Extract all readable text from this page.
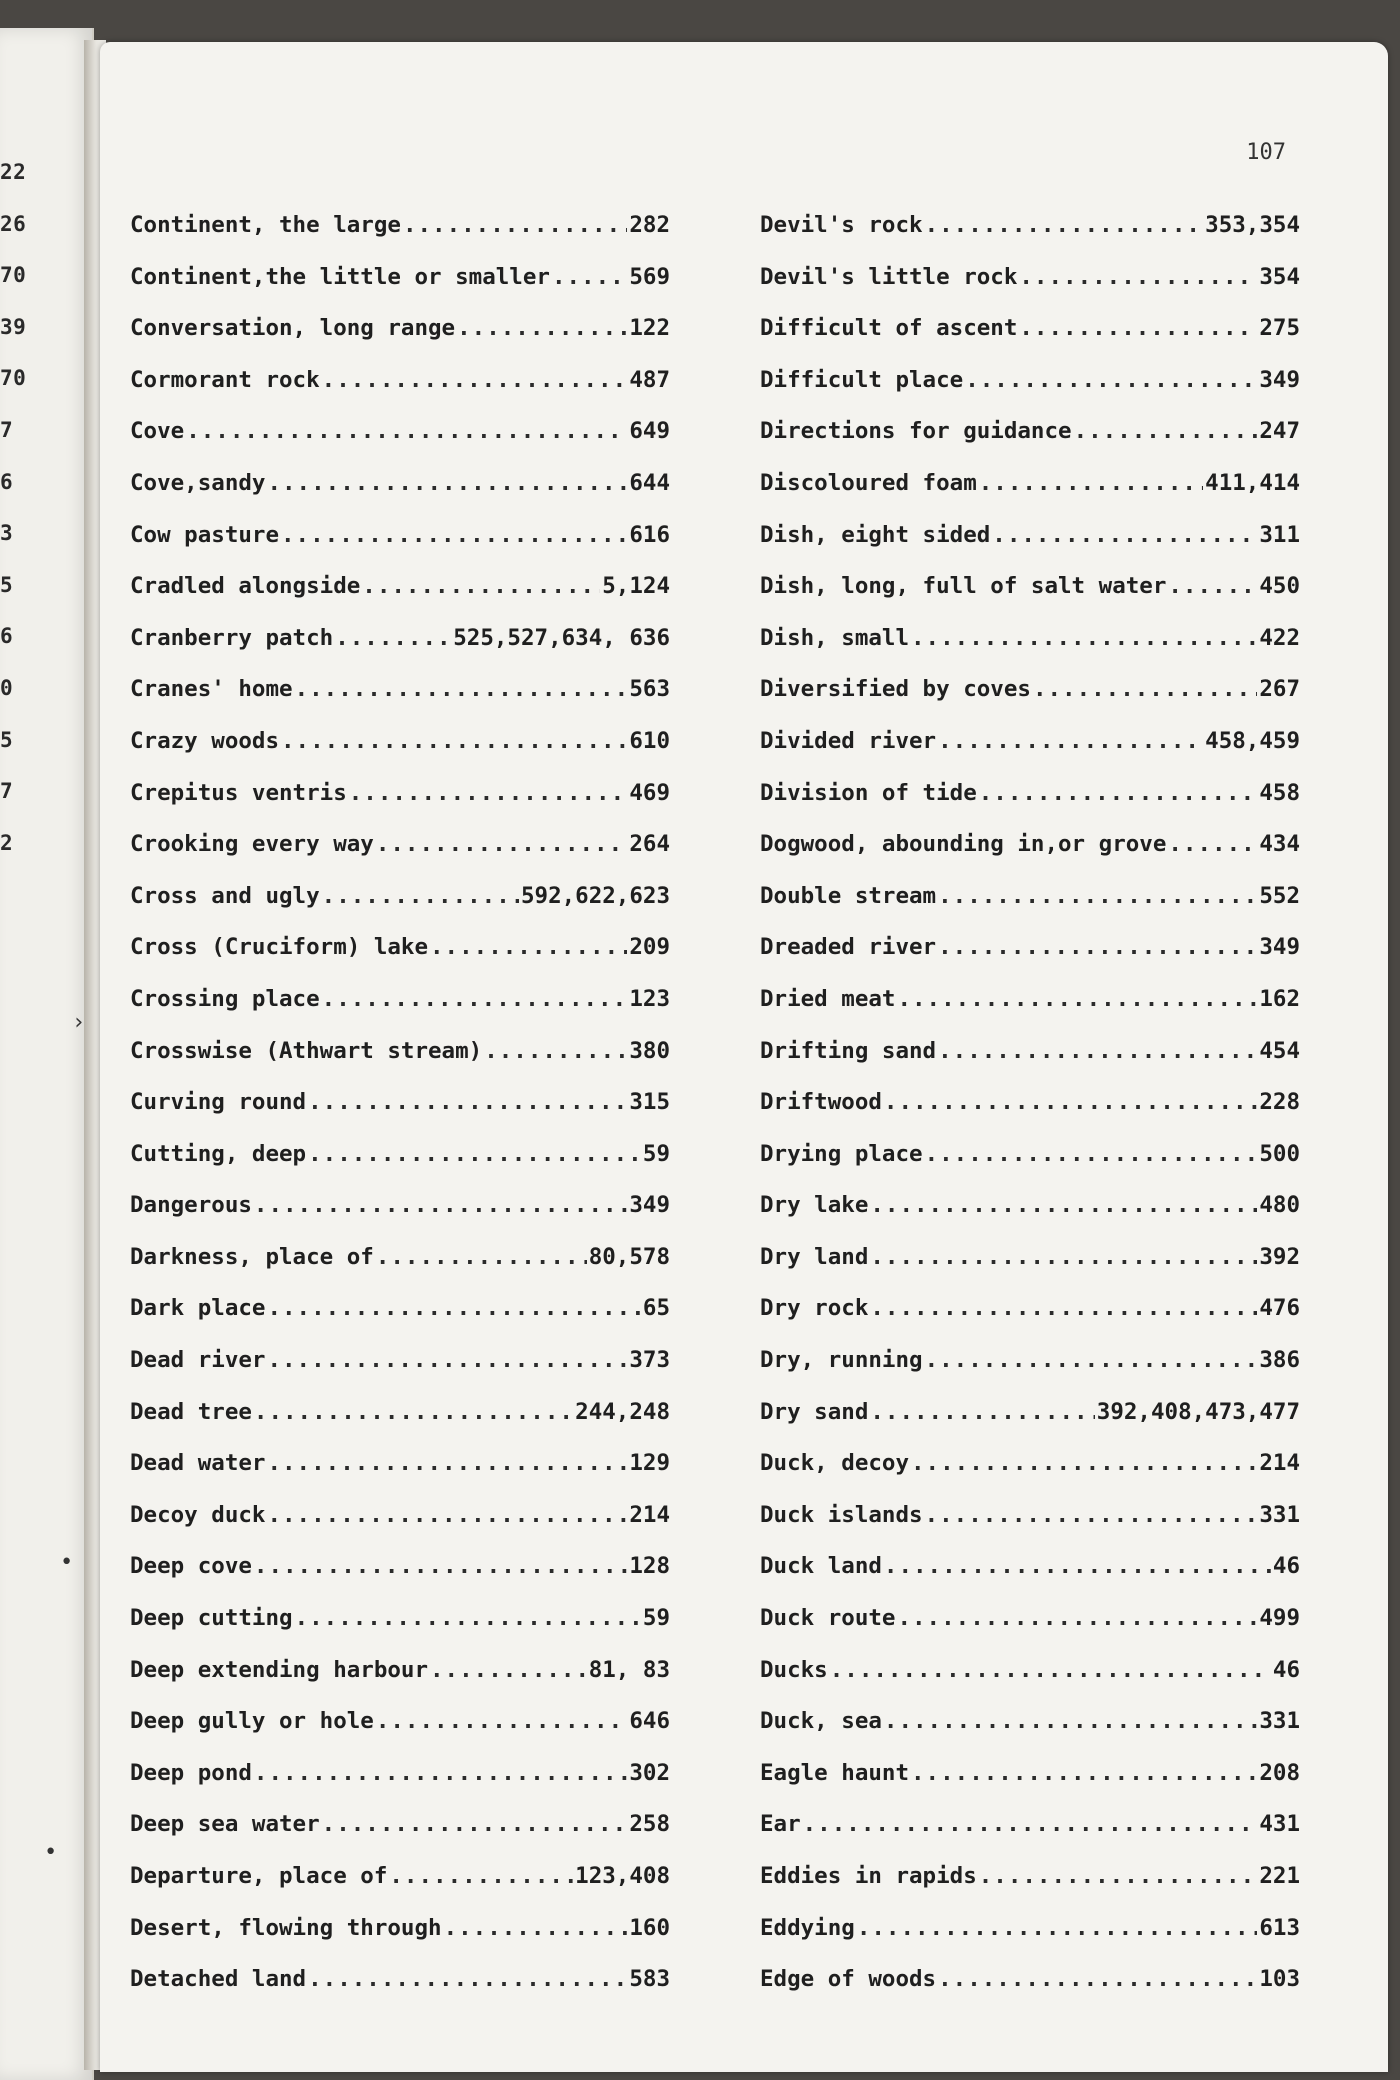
22
26
70
39
70
7
6
3
5
6
0
5
7
2
107
Continent, the large .....	282
Continent,the little or smaller .....	569
Conversation, long range .....	122
Cormorant rock .....	487
Cove .....	649
Cove,sandy .....	644
Cow pasture .....	616
Cradled alongside .....	5,124
Cranberry patch .....	525,527,634, 636
Cranes' home .....	563
Crazy woods .....	610
Crepitus ventris .....	469
Crooking every way .....	264
Cross and ugly .....	592,622,623
Cross (Cruciform) lake .....	209
Crossing place .....	123
Crosswise (Athwart stream) .....	380
Curving round .....	315
Cutting, deep .....	59
Dangerous .....	349
Darkness, place of .....	80,578
Dark place .....	65
Dead river .....	373
Dead tree .....	244,248
Dead water .....	129
Decoy duck .....	214
Deep cove .....	128
Deep cutting .....	59
Deep extending harbour .....	81, 83
Deep gully or hole .....	646
Deep pond .....	302
Deep sea water .....	258
Departure, place of .....	123,408
Desert, flowing through .....	160
Detached land .....	583
Devil's rock .....	353,354
Devil's little rock .....	354
Difficult of ascent .....	275
Difficult place .....	349
Directions for guidance .....	247
Discoloured foam .....	411,414
Dish, eight sided .....	311
Dish, long, full of salt water .....	450
Dish, small .....	422
Diversified by coves .....	267
Divided river .....	458,459
Division of tide .....	458
Dogwood, abounding in,or grove .....	434
Double stream .....	552
Dreaded river .....	349
Dried meat .....	162
Drifting sand .....	454
Driftwood .....	228
Drying place .....	500
Dry lake .....	480
Dry land .....	392
Dry rock .....	476
Dry, running .....	386
Dry sand .....	392,408,473,477
Duck, decoy .....	214
Duck islands .....	331
Duck land .....	46
Duck route .....	499
Ducks .....	46
Duck, sea .....	331
Eagle haunt .....	208
Ear .....	431
Eddies in rapids .....	221
Eddying .....	613
Edge of woods .....	103
›
•
•
